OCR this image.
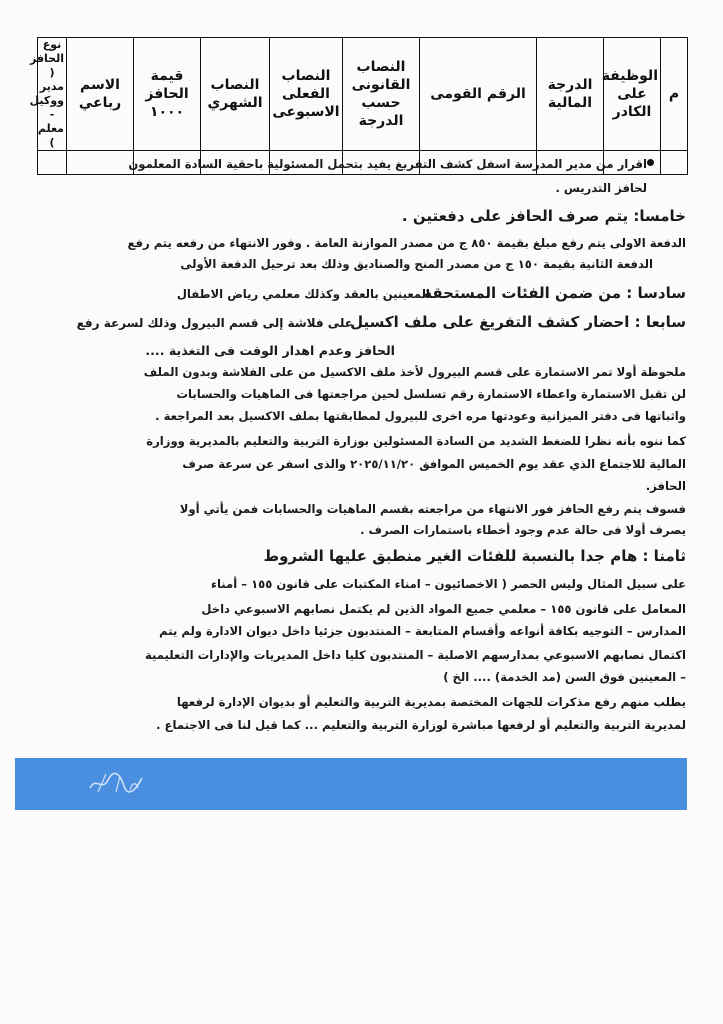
م	الوظيفة على الكادر	الدرجة المالية	الرقم القومى	النصاب القانونى حسب الدرجة	النصاب الفعلى الاسبوعى	النصاب الشهري	قيمة الحافز ١٠٠٠	الاسم رباعي	نوع الحافز ( مدير ووكيل - معلم )

اقرار من مدير المدرسة اسفل كشف التفريغ يفيد بتحمل المسئولية باحقية السادة المعلمون
لحافز التدريس .
خامسا: يتم صرف الحافز على دفعتين .
الدفعة الاولى يتم رفع مبلغ بقيمة ٨٥٠ ج من مصدر الموازنة العامة . وفور الانتهاء من رفعه يتم رفع
الدفعة الثانية بقيمة ١٥٠ ج من مصدر المنح والصناديق وذلك بعد ترحيل الدفعة الأولى
سادسا : من ضمن الفئات المستحقة
المعينين بالعقد وكذلك معلمي رياض الاطفال
سابعا : احضار كشف التفريغ على ملف اكسيل
على فلاشة إلى قسم البيرول وذلك لسرعة رفع
الحافز وعدم اهدار الوقت فى التغذية ....
ملحوظة أولا تمر الاستمارة على قسم البيرول لأخذ ملف الاكسيل من على الفلاشة وبدون الملف
لن تقبل الاستمارة واعطاء الاستمارة رقم تسلسل لحين مراجعتها فى الماهيات والحسابات
واثباتها فى دفتر الميزانية وعودتها مره اخرى للبيرول لمطابقتها بملف الاكسيل بعد المراجعة .
كما ننوه بأنه نظرا للضغط الشديد من السادة المسئولين بوزارة التربية والتعليم بالمديرية ووزارة
المالية للاجتماع الذي عقد يوم الخميس الموافق ٢٠٢٥/١١/٢٠ والذى اسفر عن سرعة صرف
الحافز.
فسوف يتم رفع الحافز فور الانتهاء من مراجعته بقسم الماهيات والحسابات فمن يأتي أولا
يصرف أولا فى حالة عدم وجود أخطاء باستمارات الصرف .
ثامنا : هام جدا بالنسبة للفئات الغير منطبق عليها الشروط
على سبيل المثال وليس الحصر ( الاخصائيون – امناء المكتبات على قانون ١٥٥ – أمناء
المعامل على قانون ١٥٥ – معلمي جميع المواد الذين لم يكتمل نصابهم الاسبوعي داخل
المدارس – التوجيه بكافة أنواعه وأقسام المتابعة – المنتدبون جزئيا داخل ديوان الادارة ولم يتم
اكتمال نصابهم الاسبوعي بمدارسهم الاصلية – المنتدبون كليا داخل المديريات والإدارات التعليمية
– المعينين فوق السن (مد الخدمة) .... الخ )
يطلب منهم رفع مذكرات للجهات المختصة بمديرية التربية والتعليم أو بديوان الإدارة لرفعها
لمديرية التربية والتعليم أو لرفعها مباشرة لوزارة التربية والتعليم ... كما قيل لنا فى الاجتماع .
